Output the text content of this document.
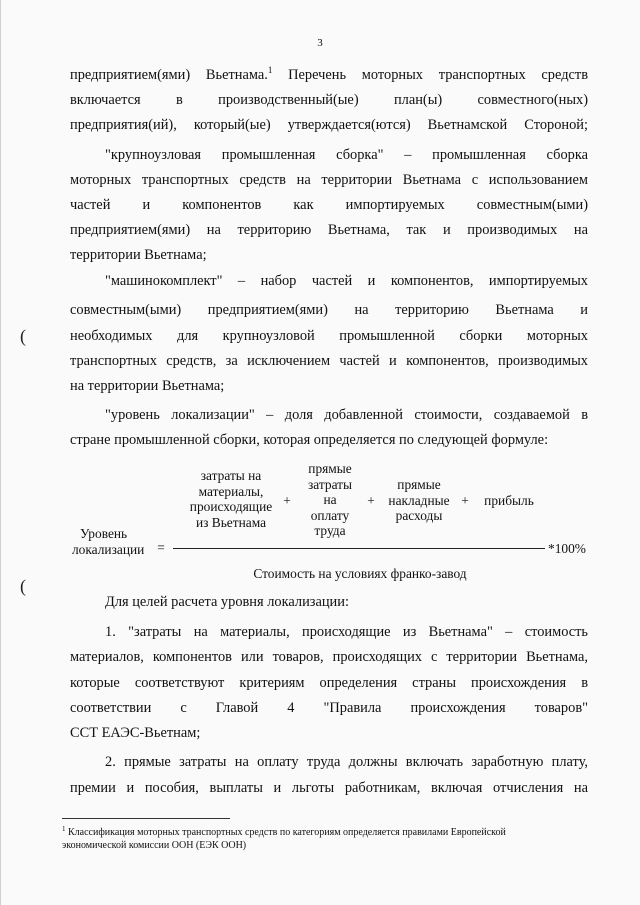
3
предприятием(ями) Вьетнама.$^1$ Перечень моторных транспортных средств
включается в производственный(ые) план(ы) совместного(ных)
предприятия(ий), который(ые) утверждается(ются) Вьетнамской Стороной;
"крупноузловая промышленная сборка" – промышленная сборка
моторных транспортных средств на территории Вьетнама с использованием
частей и компонентов как импортируемых совместным(ыми)
предприятием(ями) на территорию Вьетнама, так и производимых на
территории Вьетнама;
"машинокомплект" – набор частей и компонентов, импортируемых
совместным(ыми) предприятием(ями) на территорию Вьетнама и
необходимых для крупноузловой промышленной сборки моторных
транспортных средств, за исключением частей и компонентов, производимых
на территории Вьетнама;
"уровень локализации" – доля добавленной стоимости, создаваемой в
стране промышленной сборки, которая определяется по следующей формуле:
(
(
затраты на
материалы,
происходящие
из Вьетнама
+
прямые
затраты
на
оплату
труда
+
прямые
накладные
расходы
+	прибыль
Уровень
локализации =	*100%
Стоимость на условиях франко-завод
Для целей расчета уровня локализации:
1. "затраты на материалы, происходящие из Вьетнама" – стоимость
материалов, компонентов или товаров, происходящих с территории Вьетнама,
которые соответствуют критериям определения страны происхождения в
соответствии с Главой 4 "Правила происхождения товаров"
ССТ ЕАЭС-Вьетнам;
2. прямые затраты на оплату труда должны включать заработную плату,
премии и пособия, выплаты и льготы работникам, включая отчисления на
$^1$ Классификация моторных транспортных средств по категориям определяется правилами Европейской
экономической комиссии ООН (ЕЭК ООН)
